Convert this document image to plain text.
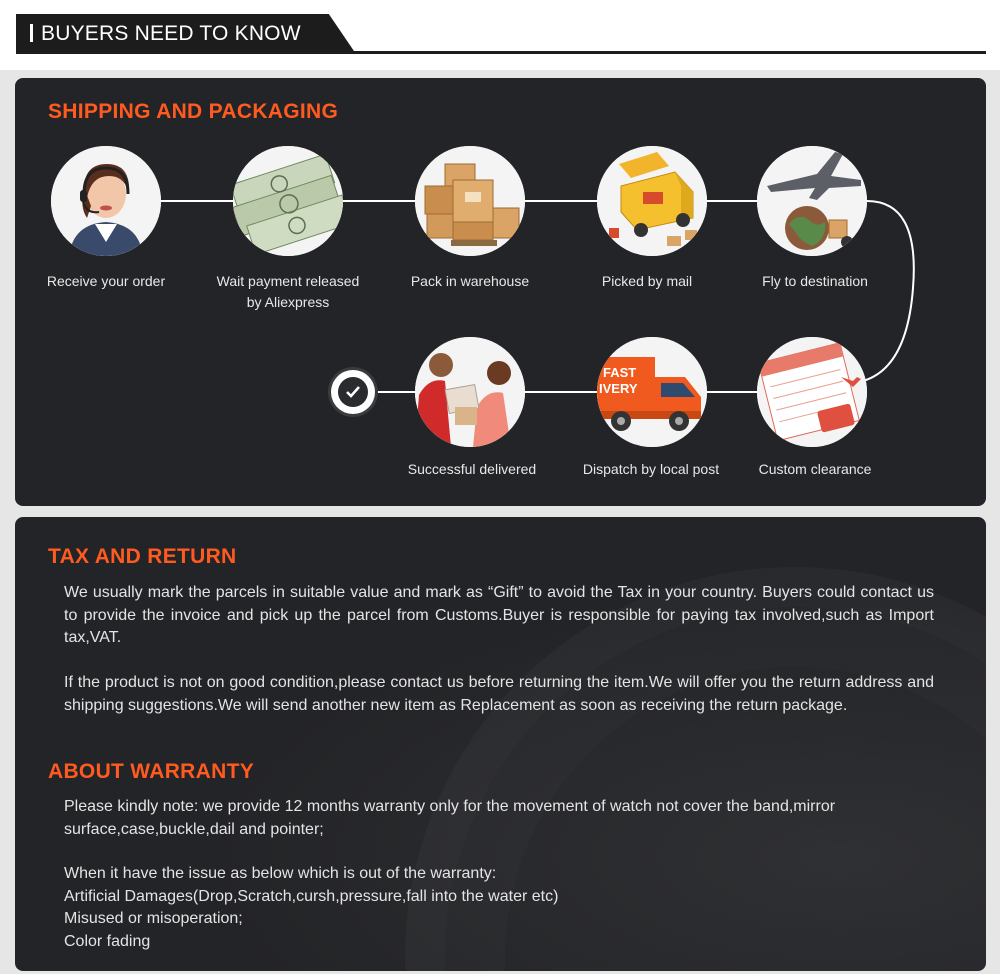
BUYERS NEED TO KNOW
SHIPPING AND PACKAGING
Receive your order	Wait payment released
by Aliexpress
Pack in warehouse	Picked by mail	Fly to destination
FAST
IVERY
Successful delivered	Dispatch by local post	Custom clearance
TAX AND RETURN
We usually mark the parcels in suitable value and mark as “Gift” to avoid the Tax in your country. Buyers could contact us to provide the invoice and pick up the parcel from Customs.Buyer is responsible for paying tax involved,such as Import tax,VAT.
If the product is not on good condition,please contact us before returning the item.We will offer you the return address and shipping suggestions.We will send another new item as Replacement as soon as receiving the return package.
ABOUT WARRANTY
Please kindly note: we provide 12 months warranty only for the movement of watch not cover the band,mirror surface,case,buckle,dail and pointer;
When it have the issue as below which is out of the warranty:
Artificial Damages(Drop,Scratch,cursh,pressure,fall into the water etc)
Misused or misoperation;
Color fading
